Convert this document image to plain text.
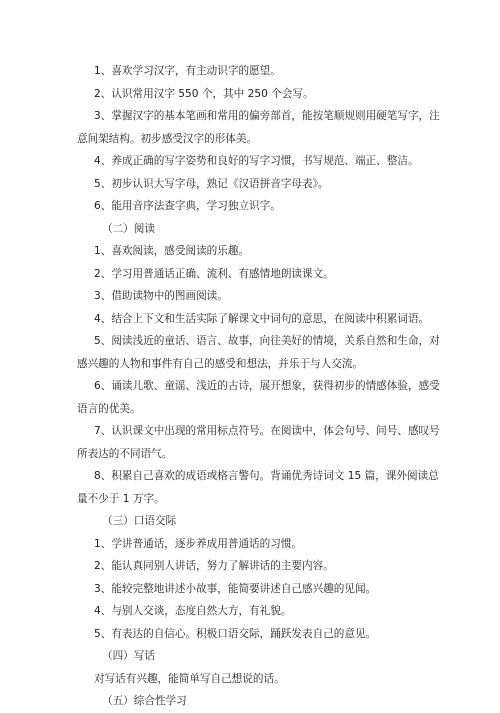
1、喜欢学习汉字，有主动识字的愿望。

2、认识常用汉字 550 个，其中 250 个会写。

3、掌握汉字的基本笔画和常用的偏旁部首，能按笔顺规则用硬笔写字，注
意间架结构。初步感受汉字的形体美。

4、养成正确的写字姿势和良好的写字习惯，书写规范、端正、整洁。

5、初步认识大写字母，熟记《汉语拼音字母表》。

6、能用音序法查字典，学习独立识字。

（二）阅读

1、喜欢阅读，感受阅读的乐趣。

2、学习用普通话正确、流利、有感情地朗读课文。

3、借助读物中的图画阅读。

4、结合上下文和生活实际了解课文中词句的意思，在阅读中积累词语。

5、阅读浅近的童话、语言、故事，向往美好的情境，关系自然和生命，对
感兴趣的人物和事件有自己的感受和想法，并乐于与人交流。
6、诵读儿歌、童谣、浅近的古诗，展开想象，获得初步的情感体验，感受
语言的优美。
7、认识课文中出现的常用标点符号。在阅读中，体会句号、问号、感叹号
所表达的不同语气。
8、积累自己喜欢的成语或格言警句。背诵优秀诗词文 15 篇，课外阅读总
量不少于 1 万字。

（三）口语交际

1、学讲普通话，逐步养成用普通话的习惯。

2、能认真同别人讲话，努力了解讲话的主要内容。

3、能较完整地讲述小故事，能简要讲述自己感兴趣的见闻。

4、与别人交谈，态度自然大方，有礼貌。

5、有表达的自信心。积极口语交际，踊跃发表自己的意见。

（四）写话

对写话有兴趣，能简单写自己想说的话。

（五）综合性学习
